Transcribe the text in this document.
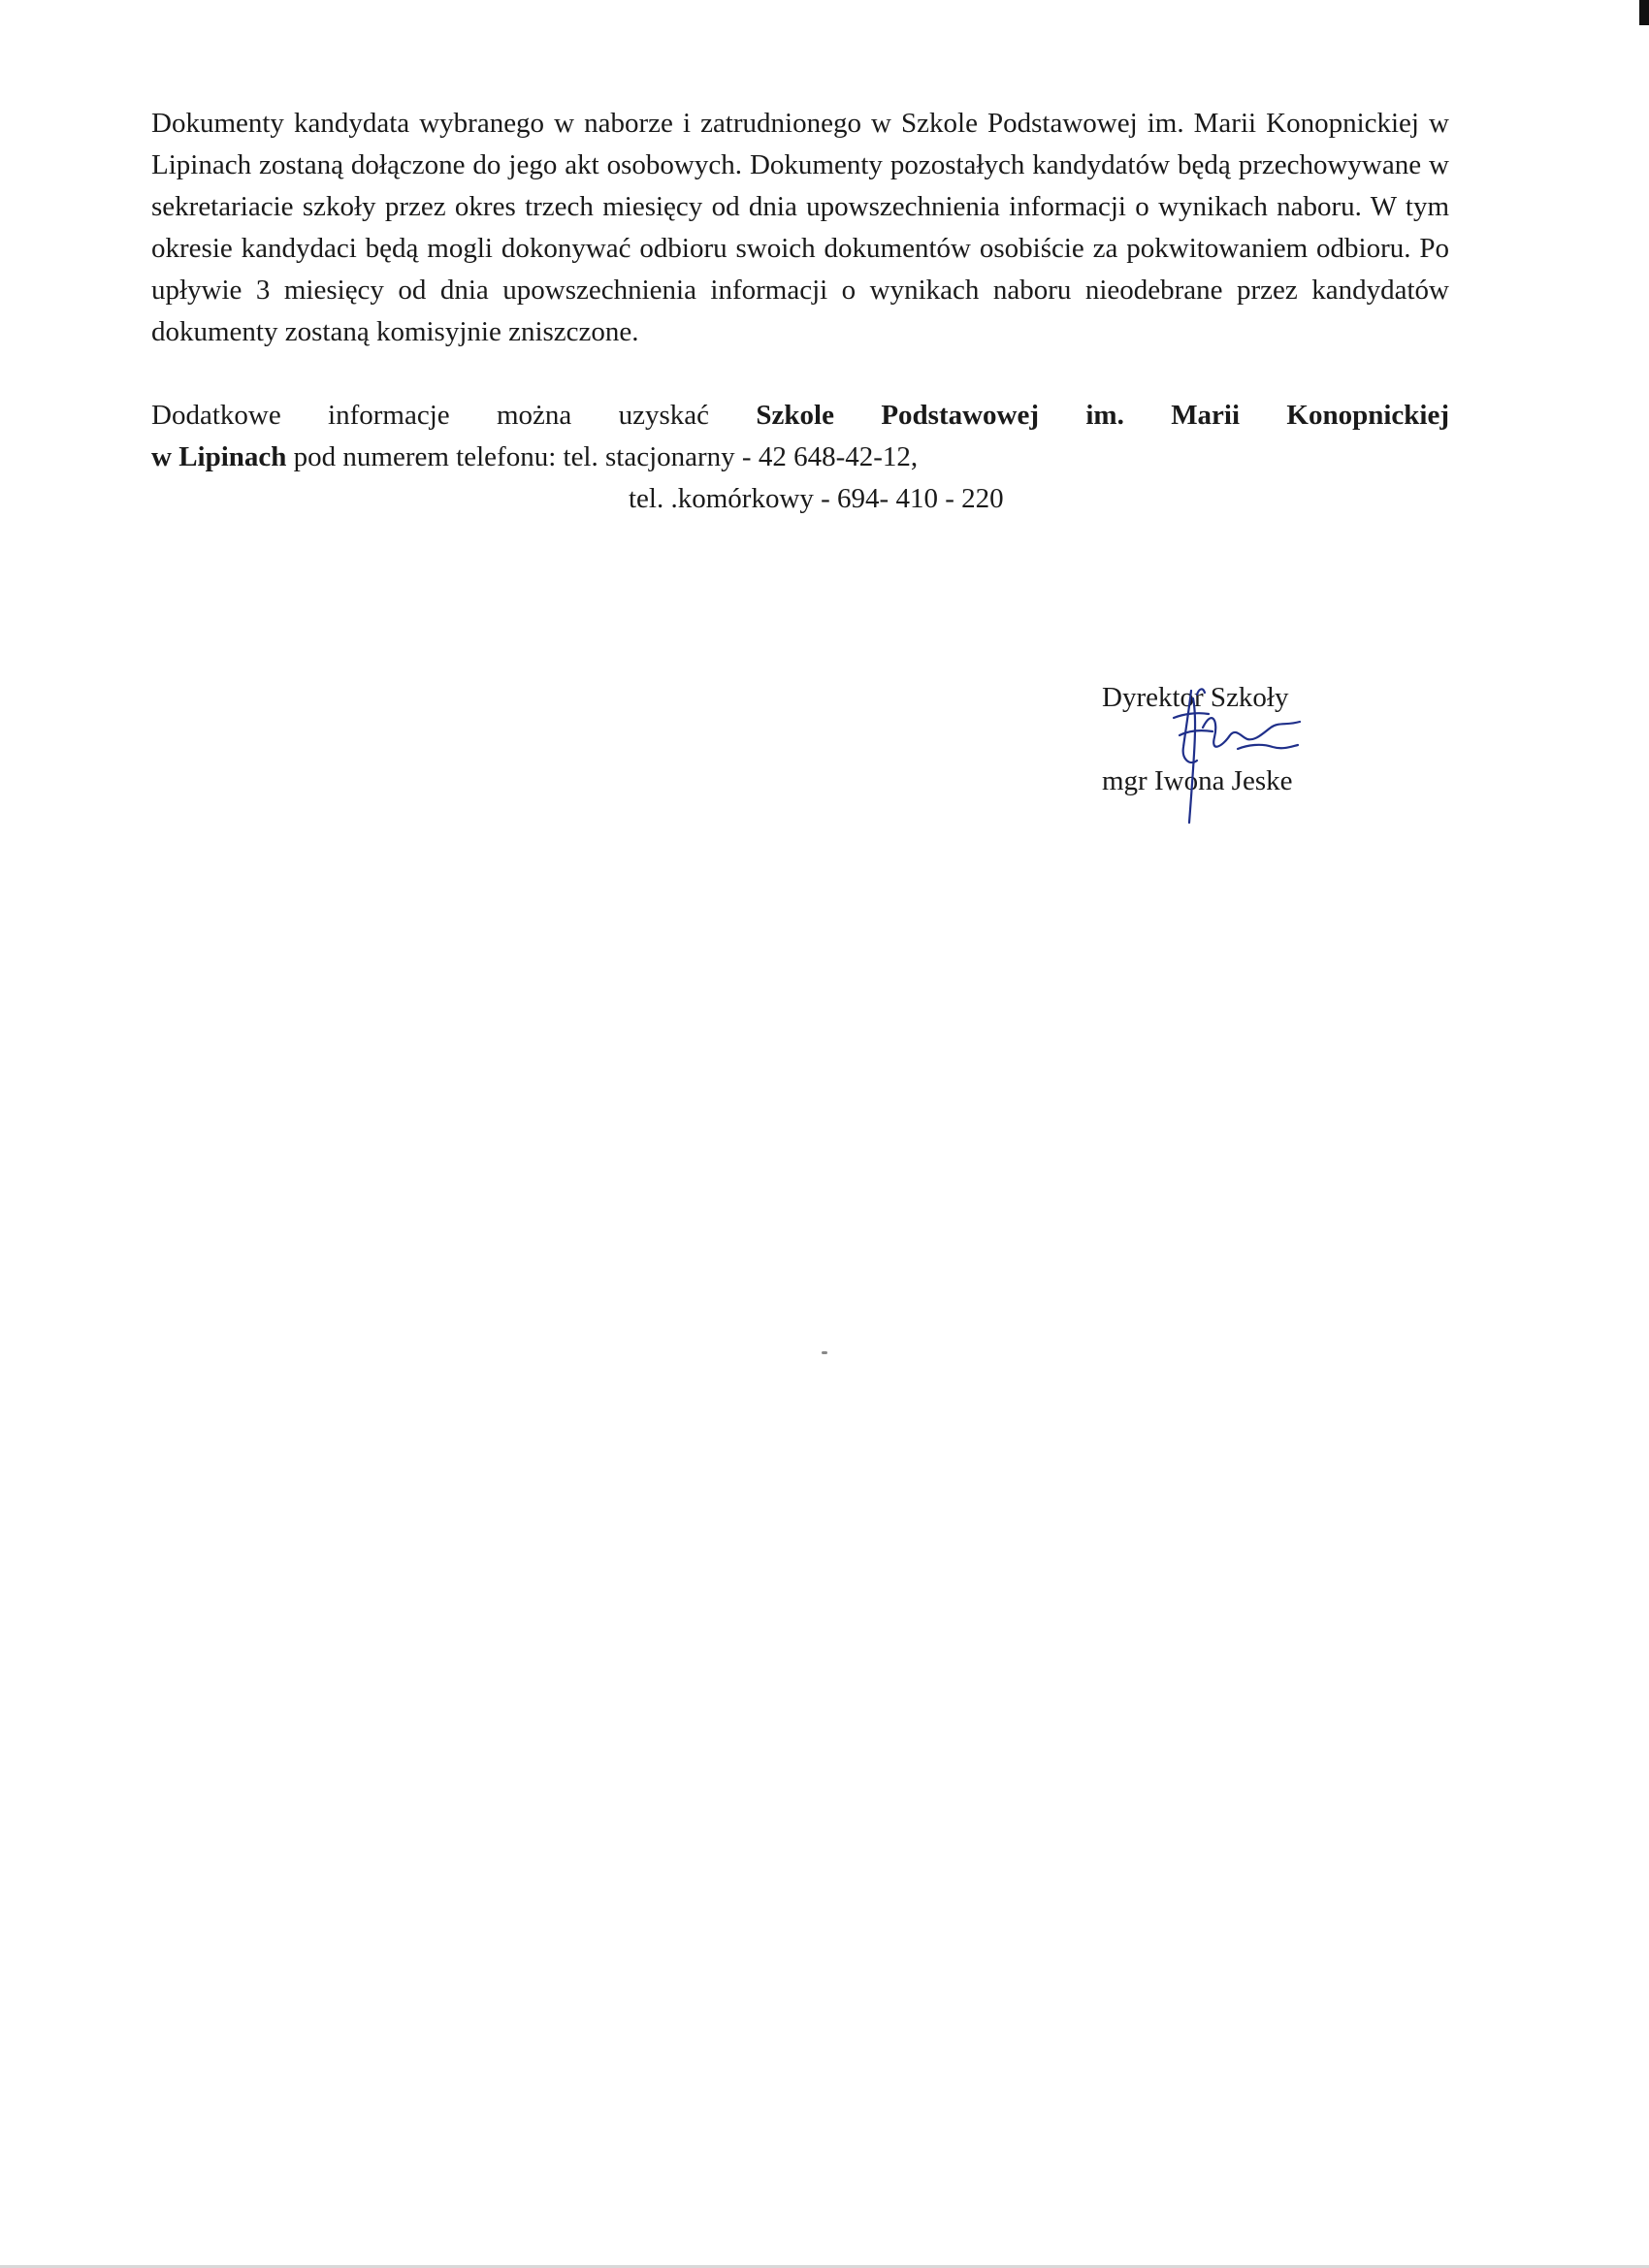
Dokumenty kandydata wybranego w naborze i zatrudnionego w Szkole Podstawowej im. Marii Konopnickiej w Lipinach zostaną dołączone do jego akt osobowych. Dokumenty pozostałych kandydatów będą przechowywane w sekretariacie szkoły przez okres trzech miesięcy od dnia upowszechnienia informacji o wynikach naboru. W tym okresie kandydaci będą mogli dokonywać odbioru swoich dokumentów osobiście za pokwitowaniem odbioru. Po upływie 3 miesięcy od dnia upowszechnienia informacji o wynikach naboru nieodebrane przez kandydatów dokumenty zostaną komisyjnie zniszczone.

Dodatkowe informacje można uzyskać Szkole Podstawowej im. Marii Konopnickiej
w Lipinach pod numerem telefonu: tel. stacjonarny - 42 648-42-12,
tel. .komórkowy - 694- 410 - 220
Dyrektor Szkoły
mgr Iwona Jeske
